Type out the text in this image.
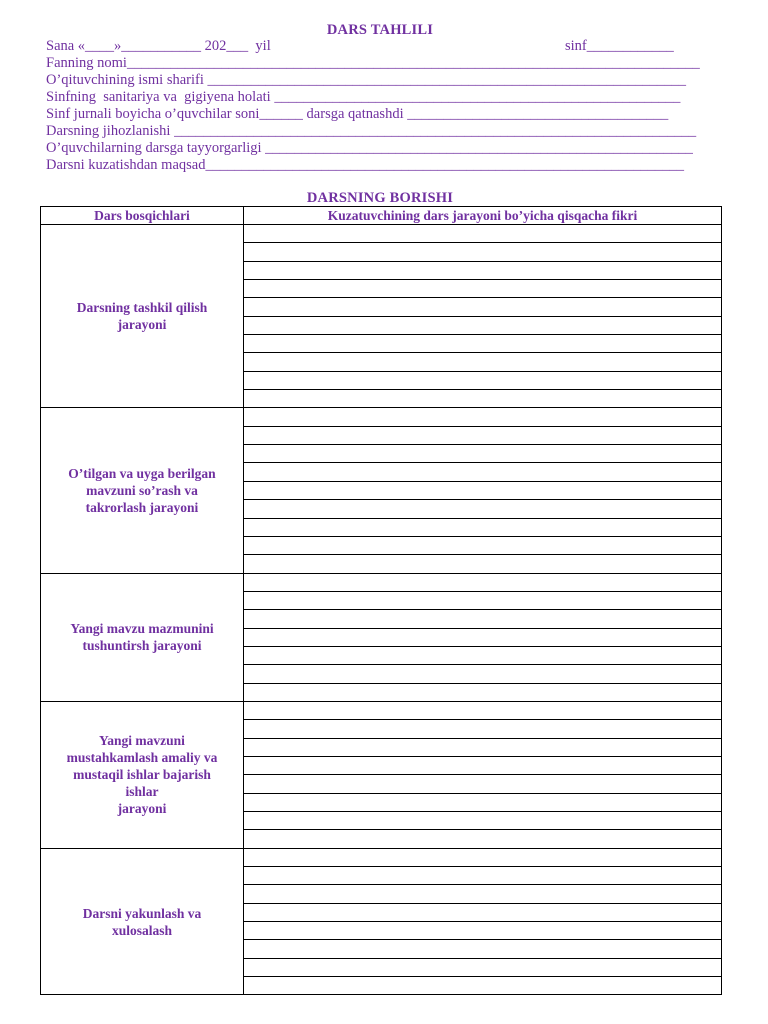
DARS TAHLILI
Sana «____»___________ 202___  yil	sinf____________
Fanning nomi_______________________________________________________________________________
O’qituvchining ismi sharifi __________________________________________________________________
Sinfning  sanitariya va  gigiyena holati ________________________________________________________
Sinf jurnali boyicha o’quvchilar soni______ darsga qatnashdi ____________________________________
Darsning jihozlanishi ________________________________________________________________________
O’quvchilarning darsga tayyorgarligi ___________________________________________________________
Darsni kuzatishdan maqsad__________________________________________________________________
DARSNING BORISHI
Dars bosqichlari	Kuzatuvchining dars jarayoni bo’yicha qisqacha fikri
Darsning tashkil qilish
jarayoni	

O’tilgan va uyga berilgan
mavzuni so’rash va
takrorlash jarayoni	

Yangi mavzu mazmunini
tushuntirsh jarayoni	

Yangi mavzuni
mustahkamlash amaliy va
mustaqil ishlar bajarish
ishlar
jarayoni	

Darsni yakunlash va
xulosalash	
